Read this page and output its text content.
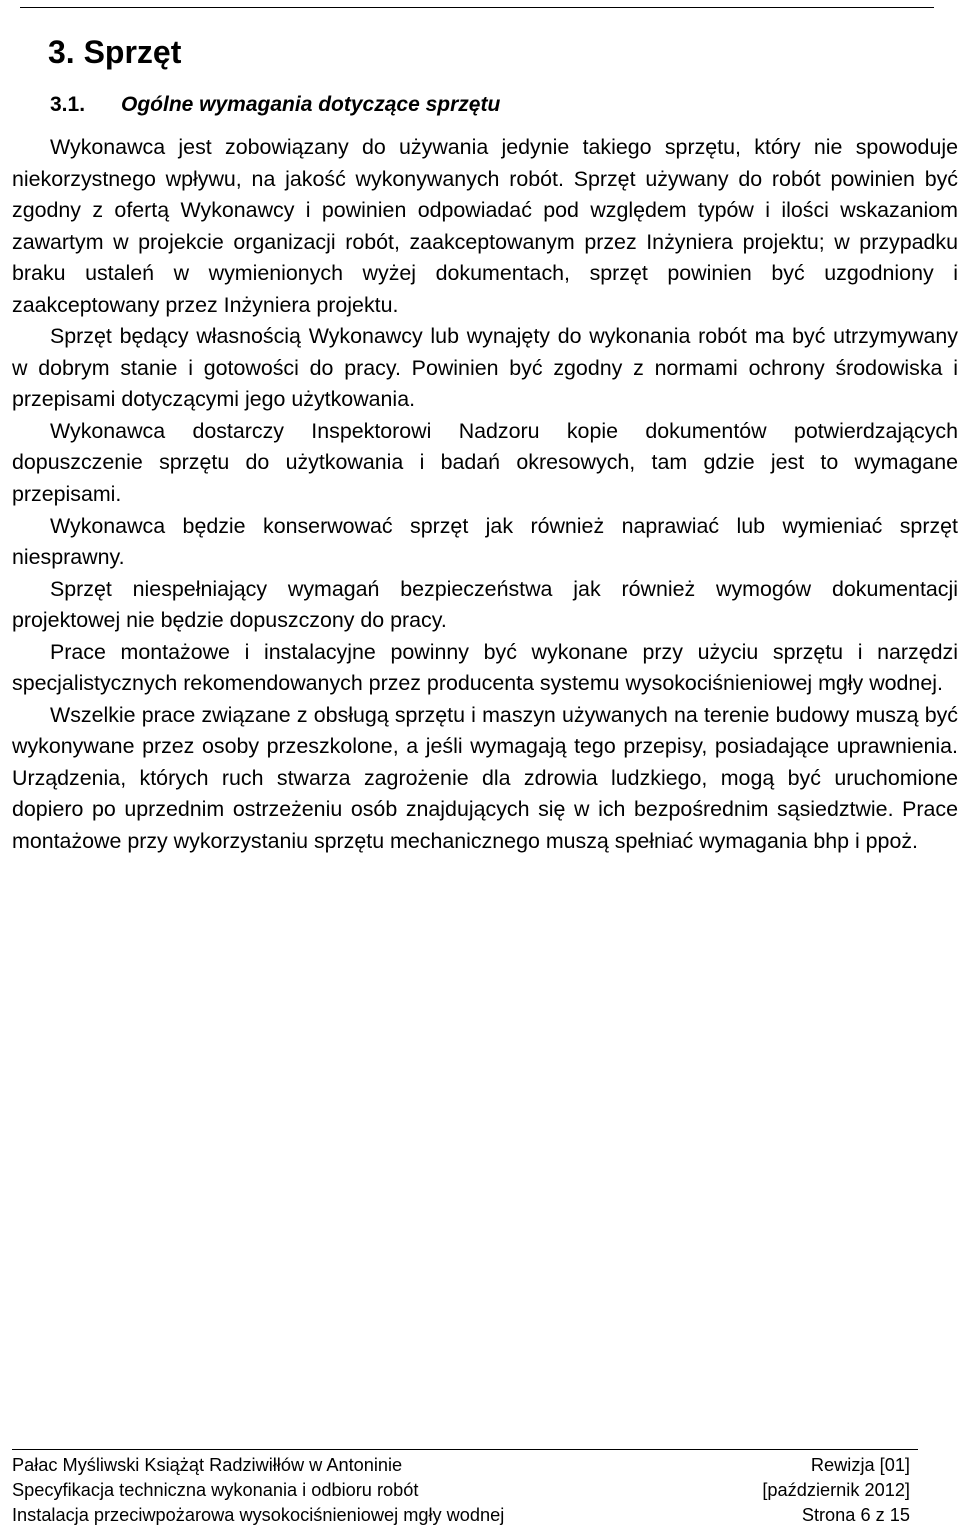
3. Sprzęt
3.1. Ogólne wymagania dotyczące sprzętu

Wykonawca jest zobowiązany do używania jedynie takiego sprzętu, który nie spowoduje niekorzystnego wpływu, na jakość wykonywanych robót. Sprzęt używany do robót powinien być zgodny z ofertą Wykonawcy i powinien odpowiadać pod względem typów i ilości wskazaniom zawartym w projekcie organizacji robót, zaakceptowanym przez Inżyniera projektu; w przypadku braku ustaleń w wymienionych wyżej dokumentach, sprzęt powinien być uzgodniony i zaakceptowany przez Inżyniera projektu.

Sprzęt będący własnością Wykonawcy lub wynajęty do wykonania robót ma być utrzymywany w dobrym stanie i gotowości do pracy. Powinien być zgodny z normami ochrony środowiska i przepisami dotyczącymi jego użytkowania.

Wykonawca dostarczy Inspektorowi Nadzoru kopie dokumentów potwierdzających dopuszczenie sprzętu do użytkowania i badań okresowych, tam gdzie jest to wymagane przepisami.

Wykonawca będzie konserwować sprzęt jak również naprawiać lub wymieniać sprzęt niesprawny.

Sprzęt niespełniający wymagań bezpieczeństwa jak również wymogów dokumentacji projektowej nie będzie dopuszczony do pracy.

Prace montażowe i instalacyjne powinny być wykonane przy użyciu sprzętu i narzędzi specjalistycznych rekomendowanych przez producenta systemu wysokociśnieniowej mgły wodnej.

Wszelkie prace związane z obsługą sprzętu i maszyn używanych na terenie budowy muszą być wykonywane przez osoby przeszkolone, a jeśli wymagają tego przepisy, posiadające uprawnienia. Urządzenia, których ruch stwarza zagrożenie dla zdrowia ludzkiego, mogą być uruchomione dopiero po uprzednim ostrzeżeniu osób znajdujących się w ich bezpośrednim sąsiedztwie. Prace montażowe przy wykorzystaniu sprzętu mechanicznego muszą spełniać wymagania bhp i ppoż.

Pałac Myśliwski Książąt Radziwiłłów w Antoninie	Rewizja [01]
Specyfikacja techniczna wykonania i odbioru robót	[październik 2012]
Instalacja przeciwpożarowa wysokociśnieniowej mgły wodnej	Strona 6 z 15
